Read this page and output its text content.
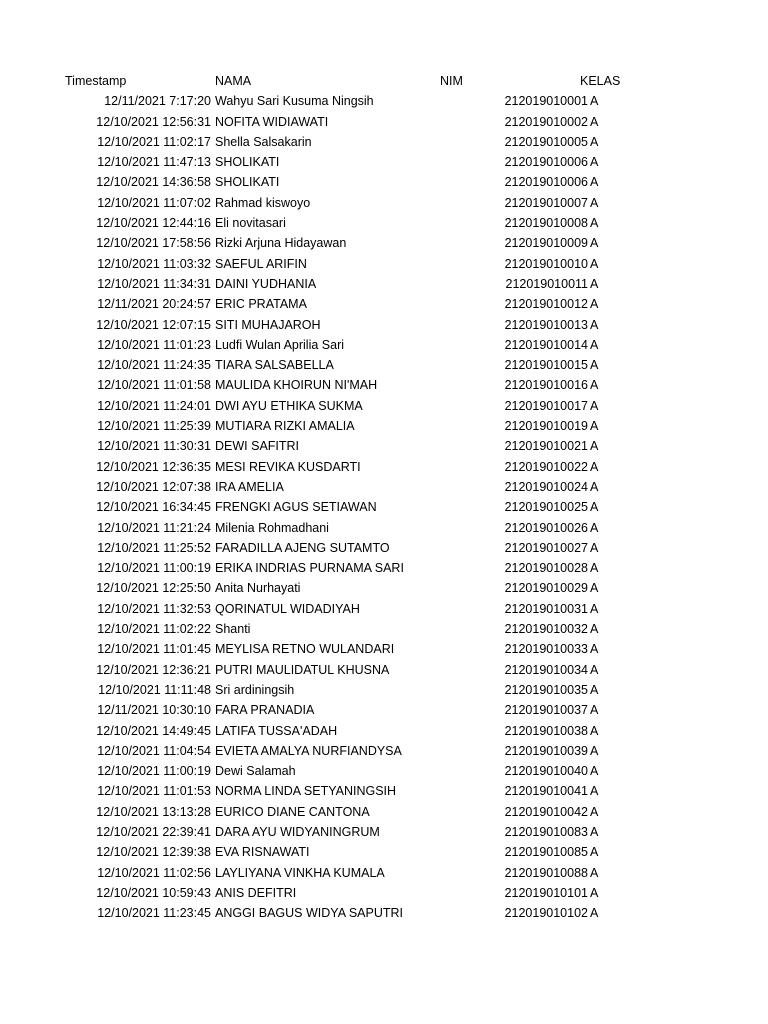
Timestamp	NAMA	NIM	KELAS
12/11/2021 7:17:20 Wahyu Sari Kusuma Ningsih	212019010001 A
12/10/2021 12:56:31 NOFITA WIDIAWATI	212019010002 A
12/10/2021 11:02:17 Shella Salsakarin	212019010005 A
12/10/2021 11:47:13 SHOLIKATI	212019010006 A
12/10/2021 14:36:58 SHOLIKATI	212019010006 A
12/10/2021 11:07:02 Rahmad kiswoyo	212019010007 A
12/10/2021 12:44:16 Eli novitasari	212019010008 A
12/10/2021 17:58:56 Rizki Arjuna Hidayawan	212019010009 A
12/10/2021 11:03:32 SAEFUL ARIFIN	212019010010 A
12/10/2021 11:34:31 DAINI YUDHANIA	212019010011 A
12/11/2021 20:24:57 ERIC PRATAMA	212019010012 A
12/10/2021 12:07:15 SITI MUHAJAROH	212019010013 A
12/10/2021 11:01:23 Ludfi Wulan Aprilia Sari	212019010014 A
12/10/2021 11:24:35 TIARA SALSABELLA	212019010015 A
12/10/2021 11:01:58 MAULIDA KHOIRUN NI'MAH	212019010016 A
12/10/2021 11:24:01 DWI AYU ETHIKA SUKMA	212019010017 A
12/10/2021 11:25:39 MUTIARA RIZKI AMALIA	212019010019 A
12/10/2021 11:30:31 DEWI SAFITRI	212019010021 A
12/10/2021 12:36:35 MESI REVIKA KUSDARTI	212019010022 A
12/10/2021 12:07:38 IRA AMELIA	212019010024 A
12/10/2021 16:34:45 FRENGKI AGUS SETIAWAN	212019010025 A
12/10/2021 11:21:24 Milenia Rohmadhani	212019010026 A
12/10/2021 11:25:52 FARADILLA AJENG SUTAMTO	212019010027 A
12/10/2021 11:00:19 ERIKA INDRIAS PURNAMA SARI	212019010028 A
12/10/2021 12:25:50 Anita Nurhayati	212019010029 A
12/10/2021 11:32:53 QORINATUL WIDADIYAH	212019010031 A
12/10/2021 11:02:22 Shanti	212019010032 A
12/10/2021 11:01:45 MEYLISA RETNO WULANDARI	212019010033 A
12/10/2021 12:36:21 PUTRI MAULIDATUL KHUSNA	212019010034 A
12/10/2021 11:11:48 Sri ardiningsih	212019010035 A
12/11/2021 10:30:10 FARA PRANADIA	212019010037 A
12/10/2021 14:49:45 LATIFA TUSSA'ADAH	212019010038 A
12/10/2021 11:04:54 EVIETA AMALYA NURFIANDYSA	212019010039 A
12/10/2021 11:00:19 Dewi Salamah	212019010040 A
12/10/2021 11:01:53 NORMA LINDA SETYANINGSIH	212019010041 A
12/10/2021 13:13:28 EURICO DIANE CANTONA	212019010042 A
12/10/2021 22:39:41 DARA AYU WIDYANINGRUM	212019010083 A
12/10/2021 12:39:38 EVA RISNAWATI	212019010085 A
12/10/2021 11:02:56 LAYLIYANA VINKHA KUMALA	212019010088 A
12/10/2021 10:59:43 ANIS DEFITRI	212019010101 A
12/10/2021 11:23:45 ANGGI BAGUS WIDYA SAPUTRI	212019010102 A
